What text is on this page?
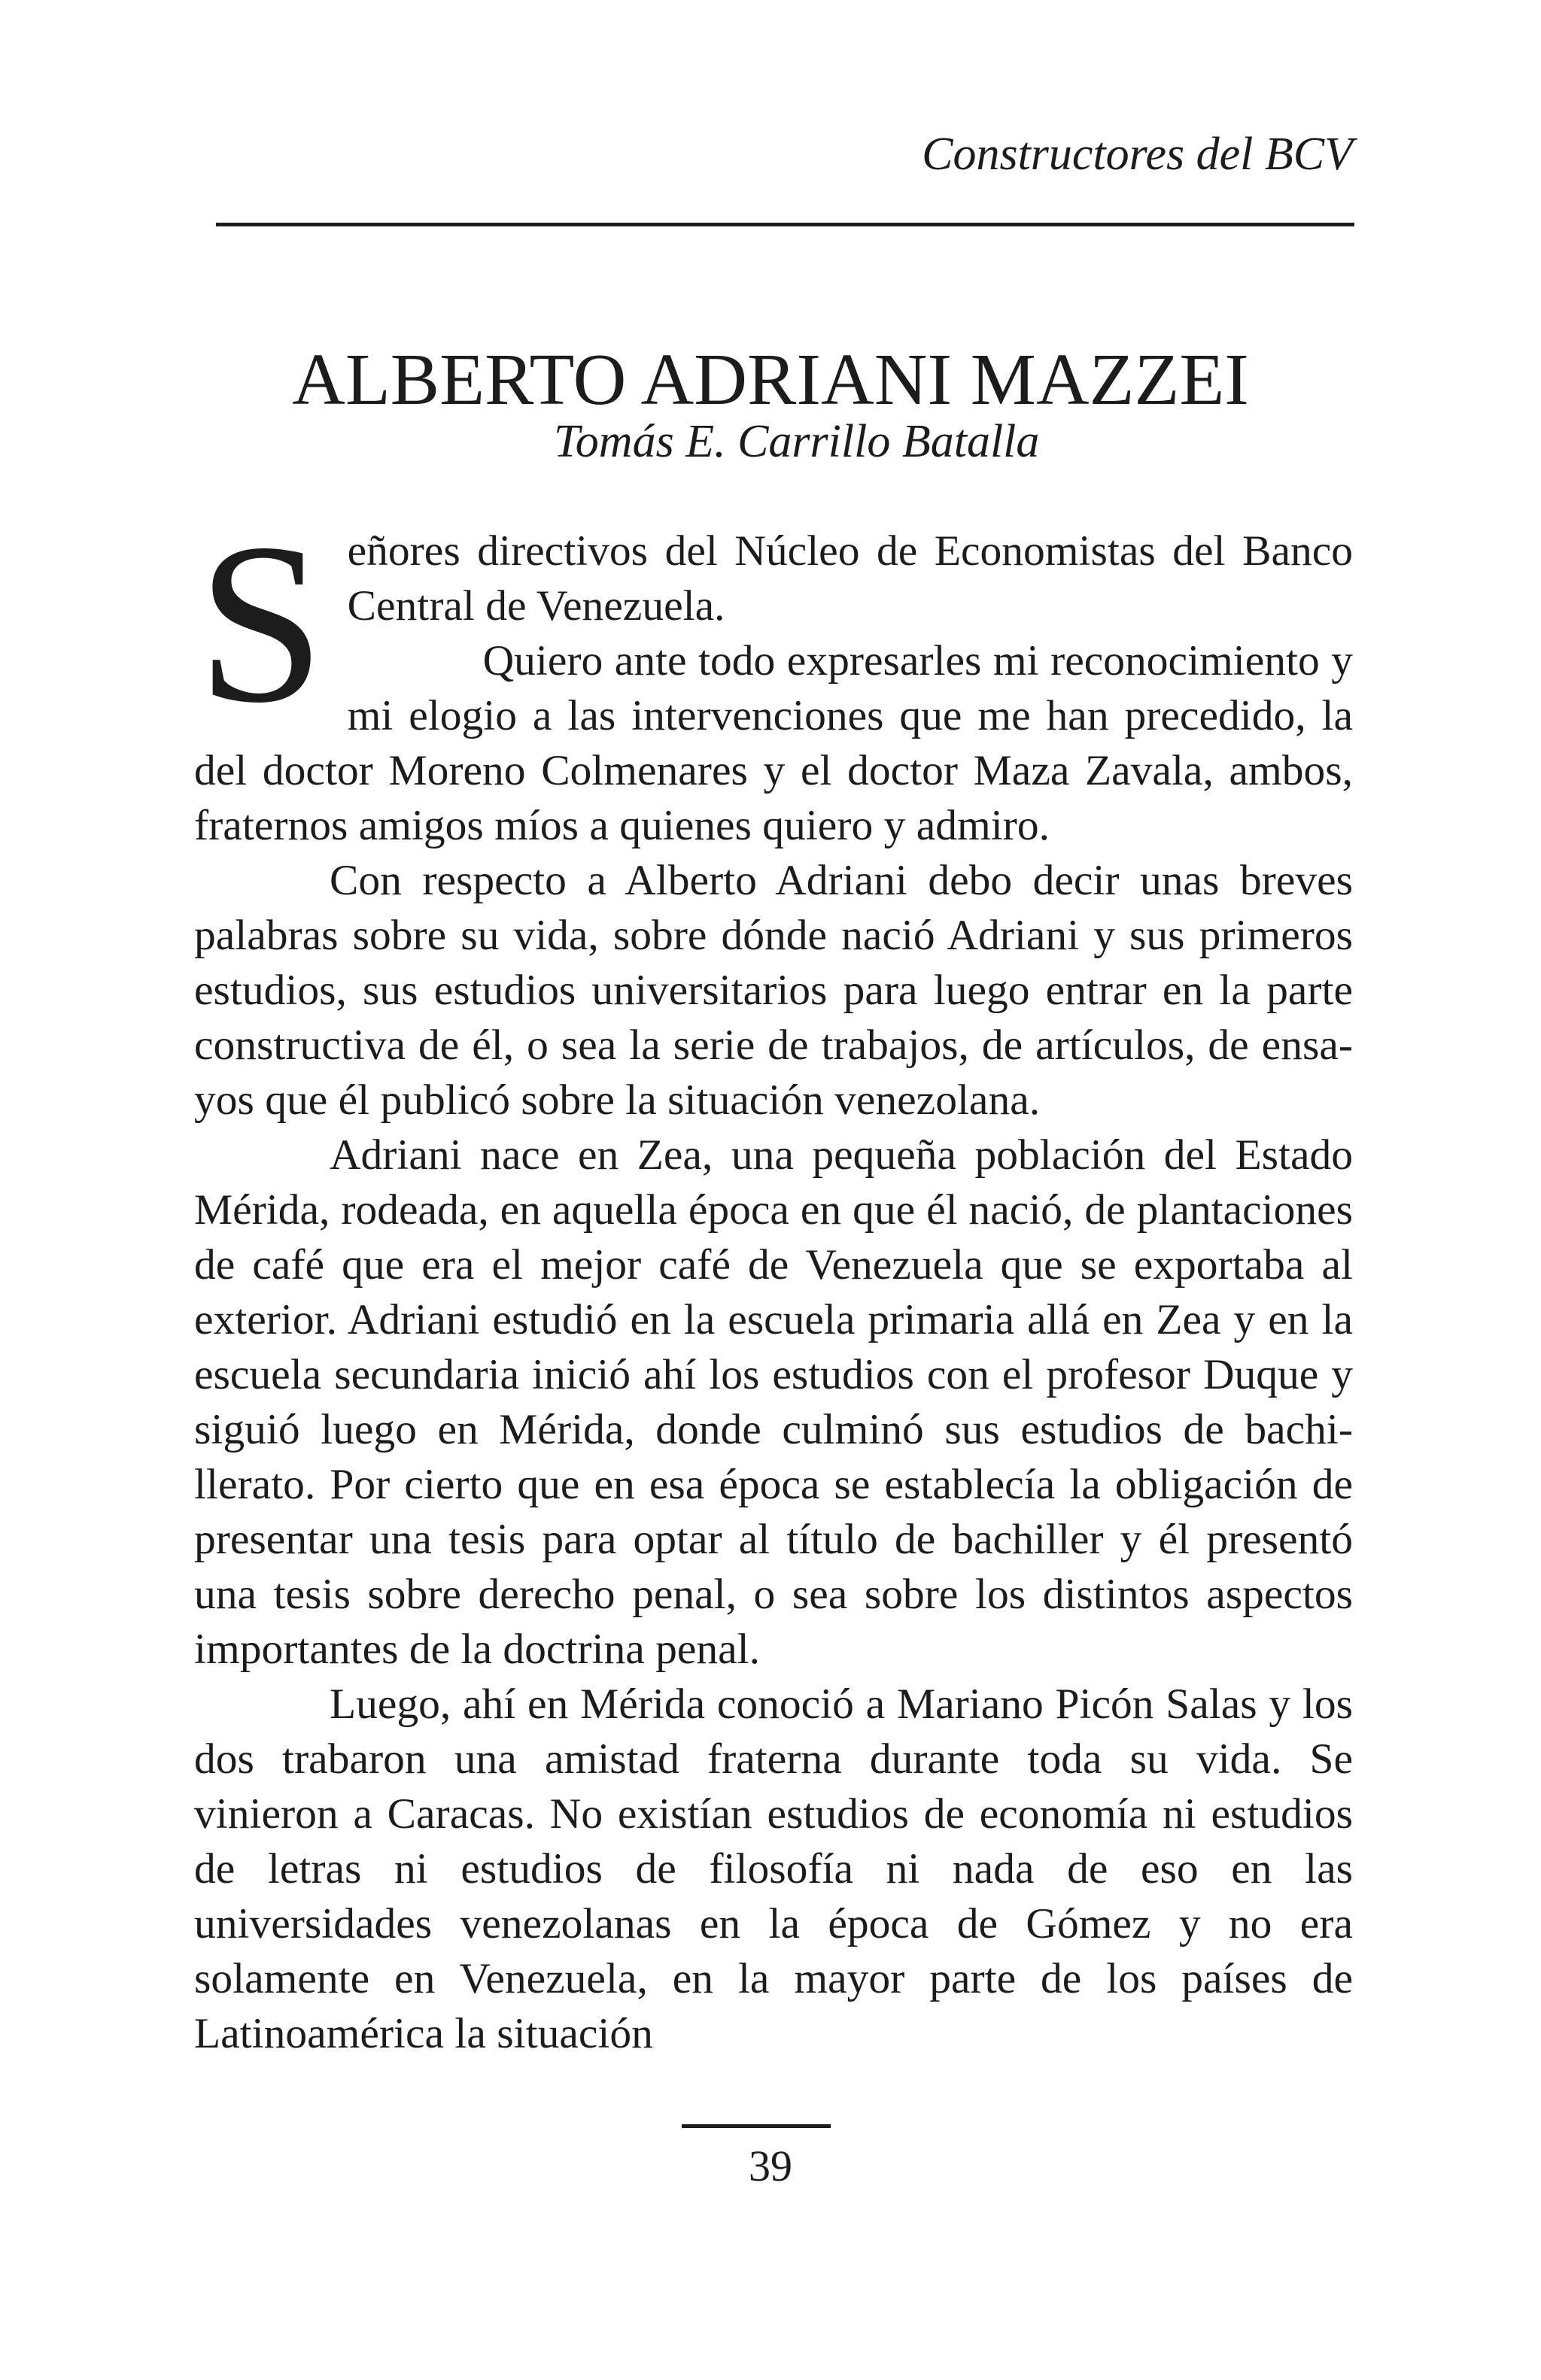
Constructores del BCV
ALBERTO ADRIANI MAZZEI
Tomás E. Carrillo Batalla

Señores directivos del Núcleo de Economistas del Banco Central de Venezuela.

Quiero ante todo expresarles mi reconocimiento y mi elogio a las intervenciones que me han precedido, la del doctor Moreno Colmenares y el doctor Maza Zavala, ambos, fraternos amigos míos a quienes quiero y admiro.

Con respecto a Alberto Adriani debo decir unas breves palabras sobre su vida, sobre dónde nació Adriani y sus primeros estudios, sus estudios universitarios para luego entrar en la parte constructiva de él, o sea la serie de trabajos, de artículos, de ensayos que él publicó sobre la situación venezolana.

Adriani nace en Zea, una pequeña población del Estado Mérida, rodeada, en aquella época en que él nació, de plantaciones de café que era el mejor café de Venezuela que se exportaba al exterior. Adriani estudió en la escuela primaria allá en Zea y en la escuela secundaria inició ahí los estudios con el profesor Duque y siguió luego en Mérida, donde culminó sus estudios de bachillerato. Por cierto que en esa época se establecía la obligación de presentar una tesis para optar al título de bachiller y él presentó una tesis sobre derecho penal, o sea sobre los distintos aspectos importantes de la doctrina penal.

Luego, ahí en Mérida conoció a Mariano Picón Salas y los dos trabaron una amistad fraterna durante toda su vida. Se vinieron a Caracas. No existían estudios de economía ni estudios de letras ni estudios de filosofía ni nada de eso en las universidades venezolanas en la época de Gómez y no era solamente en Venezuela, en la mayor parte de los países de Latinoamérica la situación

39
